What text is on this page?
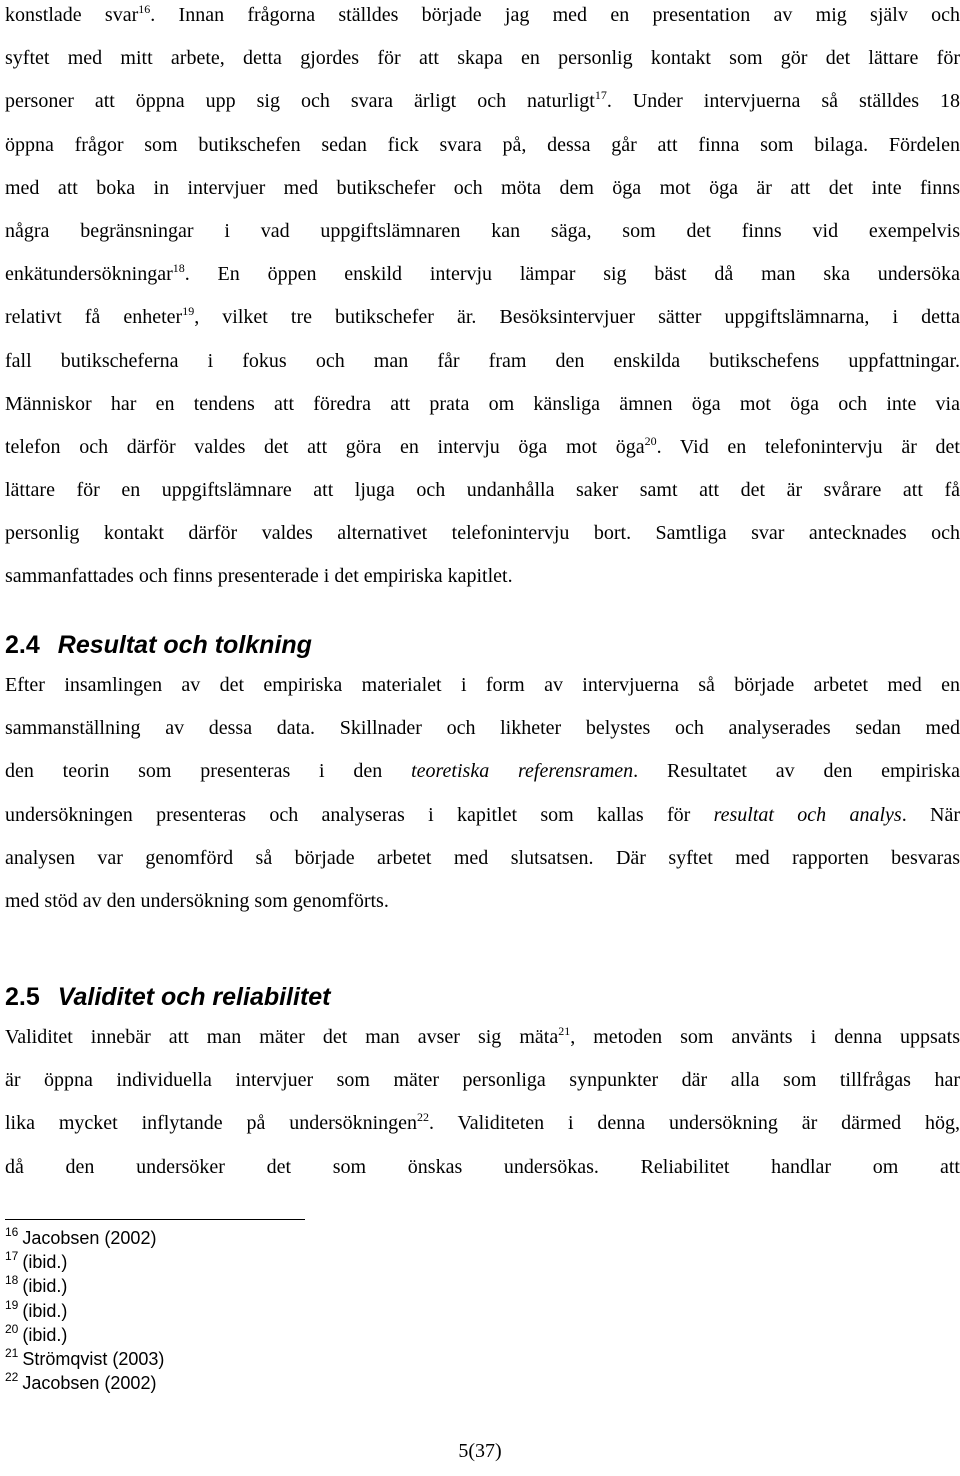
konstlade svar$^{16}$. Innan frågorna ställdes började jag med en presentation av mig själv och
syftet med mitt arbete, detta gjordes för att skapa en personlig kontakt som gör det lättare för
personer att öppna upp sig och svara ärligt och naturligt$^{17}$. Under intervjuerna så ställdes 18
öppna frågor som butikschefen sedan fick svara på, dessa går att finna som bilaga. Fördelen
med att boka in intervjuer med butikschefer och möta dem öga mot öga är att det inte finns
några begränsningar i vad uppgiftslämnaren kan säga, som det finns vid exempelvis
enkätundersökningar$^{18}$. En öppen enskild intervju lämpar sig bäst då man ska undersöka
relativt få enheter$^{19}$, vilket tre butikschefer är. Besöksintervjuer sätter uppgiftslämnarna, i detta
fall butikscheferna i fokus och man får fram den enskilda butikschefens uppfattningar.
Människor har en tendens att föredra att prata om känsliga ämnen öga mot öga och inte via
telefon och därför valdes det att göra en intervju öga mot öga$^{20}$. Vid en telefonintervju är det
lättare för en uppgiftslämnare att ljuga och undanhålla saker samt att det är svårare att få
personlig kontakt därför valdes alternativet telefonintervju bort. Samtliga svar antecknades och
sammanfattades och finns presenterade i det empiriska kapitlet.
2.4 Resultat och tolkning
Efter insamlingen av det empiriska materialet i form av intervjuerna så började arbetet med en
sammanställning av dessa data. Skillnader och likheter belystes och analyserades sedan med
den teorin som presenteras i den teoretiska referensramen. Resultatet av den empiriska
undersökningen presenteras och analyseras i kapitlet som kallas för resultat och analys. När
analysen var genomförd så började arbetet med slutsatsen. Där syftet med rapporten besvaras
med stöd av den undersökning som genomförts.
2.5 Validitet och reliabilitet
Validitet innebär att man mäter det man avser sig mäta$^{21}$, metoden som använts i denna uppsats
är öppna individuella intervjuer som mäter personliga synpunkter där alla som tillfrågas har
lika mycket inflytande på undersökningen$^{22}$. Validiteten i denna undersökning är därmed hög,
då den undersöker det som önskas undersökas. Reliabilitet handlar om att
$^{16}$ Jacobsen (2002)
$^{17}$ (ibid.)
$^{18}$ (ibid.)
$^{19}$ (ibid.)
$^{20}$ (ibid.)
$^{21}$ Strömqvist (2003)
$^{22}$ Jacobsen (2002)

5(37)
